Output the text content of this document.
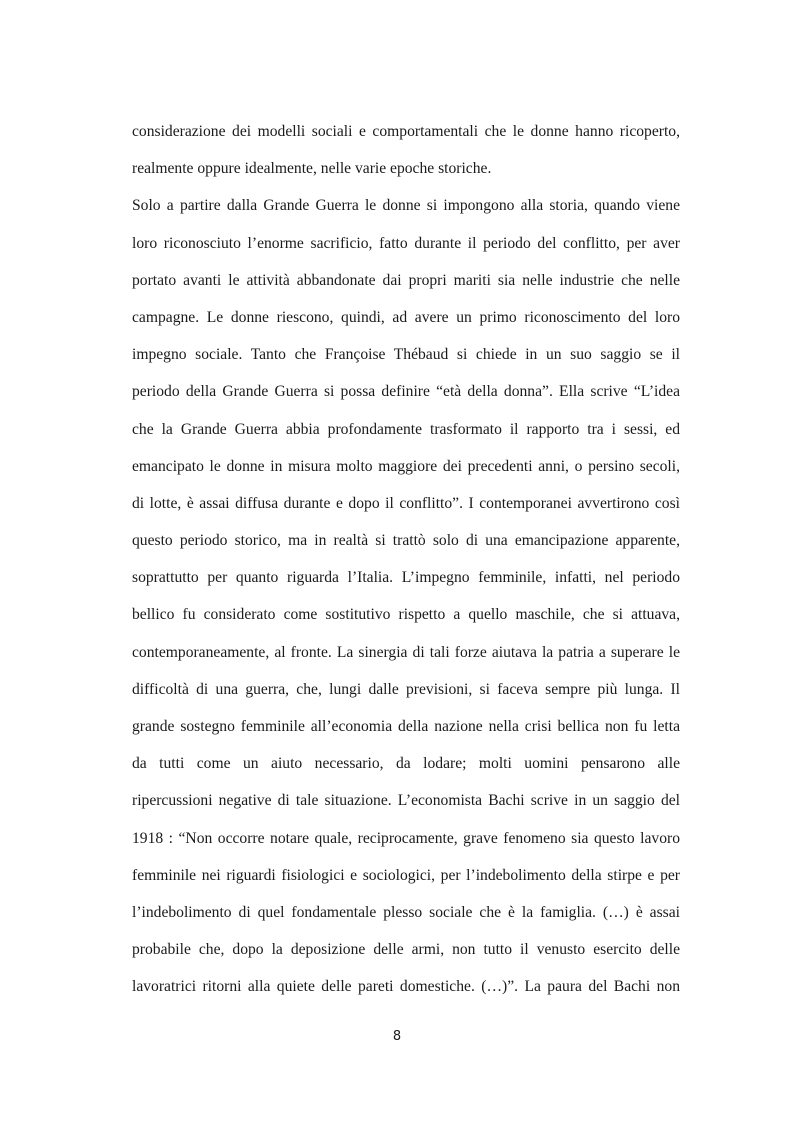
considerazione dei modelli sociali e comportamentali che le donne hanno ricoperto,
realmente oppure idealmente, nelle varie epoche storiche.
Solo a partire dalla Grande Guerra le donne si impongono alla storia, quando viene
loro riconosciuto l’enorme sacrificio, fatto durante il periodo del conflitto, per aver
portato avanti le attività abbandonate dai propri mariti sia nelle industrie che nelle
campagne. Le donne riescono, quindi, ad avere un primo riconoscimento del loro
impegno sociale. Tanto che Françoise Thébaud si chiede in un suo saggio se il
periodo della Grande Guerra si possa definire “età della donna”. Ella scrive “L’idea
che la Grande Guerra abbia profondamente trasformato il rapporto tra i sessi, ed
emancipato le donne in misura molto maggiore dei precedenti anni, o persino secoli,
di lotte, è assai diffusa durante e dopo il conflitto”. I contemporanei avvertirono così
questo periodo storico, ma in realtà si trattò solo di una emancipazione apparente,
soprattutto per quanto riguarda l’Italia. L’impegno femminile, infatti, nel periodo
bellico fu considerato come sostitutivo rispetto a quello maschile, che si attuava,
contemporaneamente, al fronte. La sinergia di tali forze aiutava la patria a superare le
difficoltà di una guerra, che, lungi dalle previsioni, si faceva sempre più lunga. Il
grande sostegno femminile all’economia della nazione nella crisi bellica non fu letta
da tutti come un aiuto necessario, da lodare; molti uomini pensarono alle
ripercussioni negative di tale situazione. L’economista Bachi scrive in un saggio del
1918 : “Non occorre notare quale, reciprocamente, grave fenomeno sia questo lavoro
femminile nei riguardi fisiologici e sociologici, per l’indebolimento della stirpe e per
l’indebolimento di quel fondamentale plesso sociale che è la famiglia. (…) è assai
probabile che, dopo la deposizione delle armi, non tutto il venusto esercito delle
lavoratrici ritorni alla quiete delle pareti domestiche. (…)”. La paura del Bachi non
8
